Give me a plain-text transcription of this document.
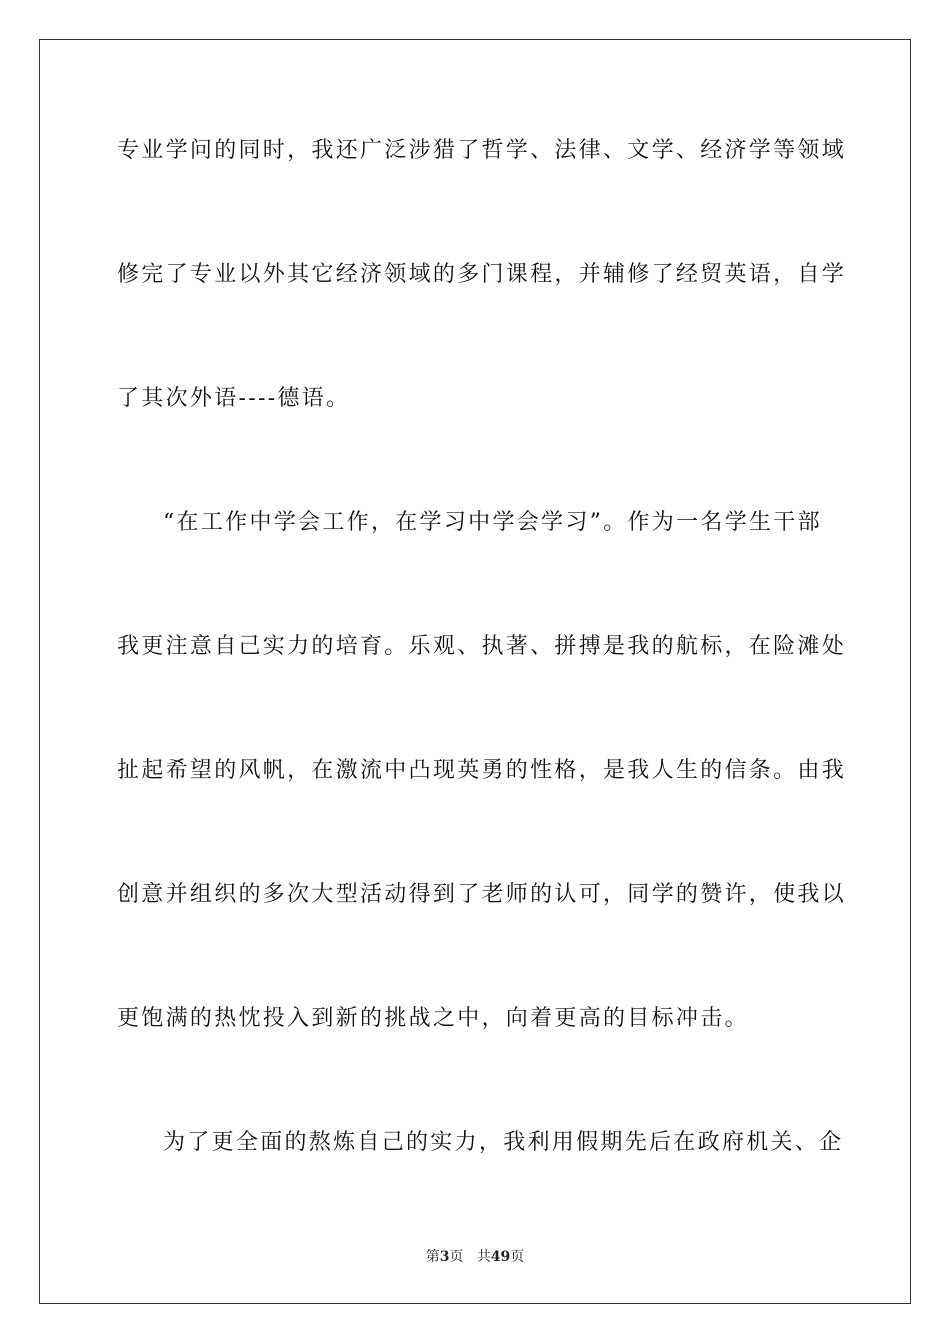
专业学问的同时，我还广泛涉猎了哲学、法律、文学、经济学等领域
修完了专业以外其它经济领域的多门课程，并辅修了经贸英语，自学
了其次外语----德语。
“在工作中学会工作，在学习中学会学习”。作为一名学生干部
我更注意自己实力的培育。乐观、执著、拼搏是我的航标，在险滩处
扯起希望的风帆，在激流中凸现英勇的性格，是我人生的信条。由我
创意并组织的多次大型活动得到了老师的认可，同学的赞许，使我以
更饱满的热忱投入到新的挑战之中，向着更高的目标冲击。
为了更全面的熬炼自己的实力，我利用假期先后在政府机关、企
第3页 共49页
